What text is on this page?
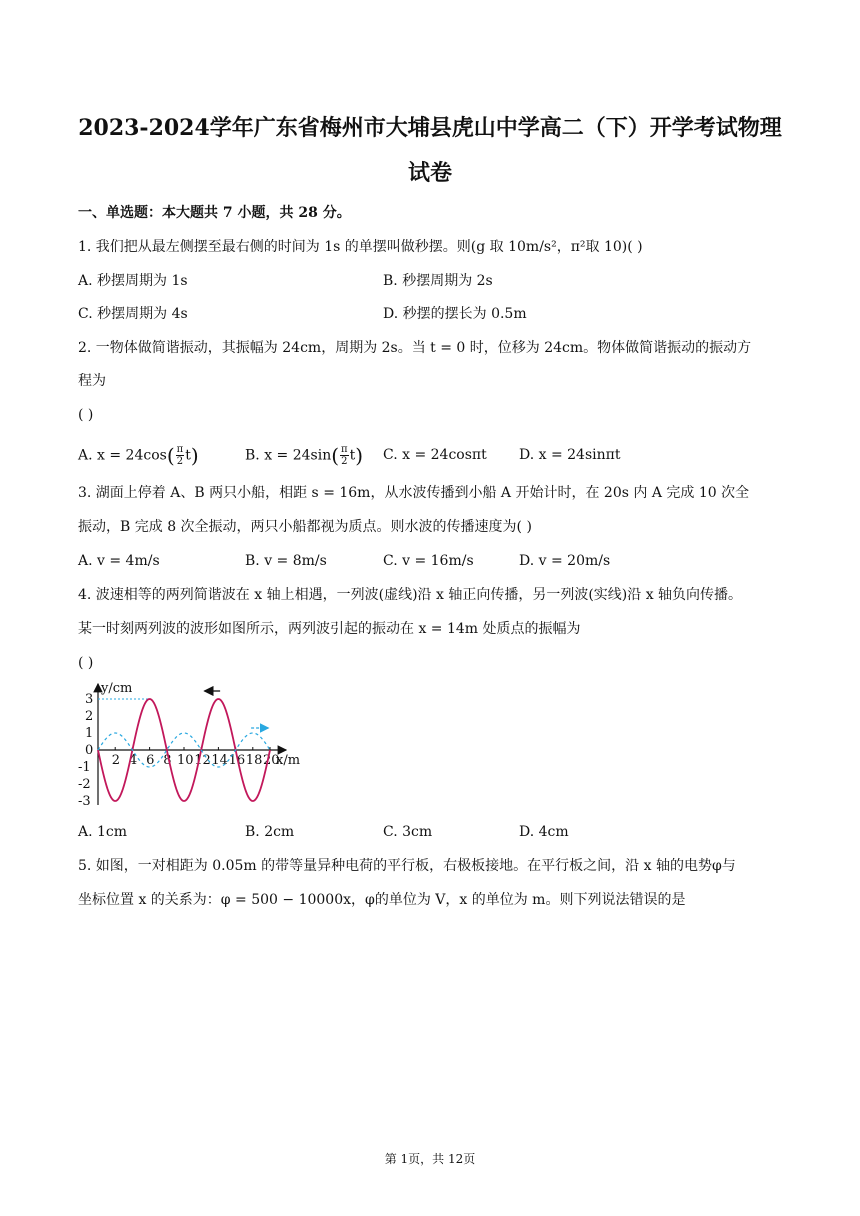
2023-2024学年广东省梅州市大埔县虎山中学高二（下）开学考试物理
试卷
一、单选题：本大题共 7 小题，共 28 分。
1. 我们把从最左侧摆至最右侧的时间为 1s 的单摆叫做秒摆。则(g 取 10m/s²，π²取 10)( )
A. 秒摆周期为 1s	B. 秒摆周期为 2s
C. 秒摆周期为 4s	D. 秒摆的摆长为 0.5m
2. 一物体做简谐振动，其振幅为 24cm，周期为 2s。当 t = 0 时，位移为 24cm。物体做简谐振动的振动方
程为
( )
A. $x = 24\cos( \frac{\pi}{2} t)$	B. $x = 24\sin( \frac{\pi}{2} t)$ C. x = 24cosπt D. x = 24sinπt
3. 湖面上停着 A、B 两只小船，相距 s = 16m，从水波传播到小船 A 开始计时，在 20s 内 A 完成 10 次全
振动，B 完成 8 次全振动，两只小船都视为质点。则水波的传播速度为( )
A. v = 4m/s	B. v = 8m/s	C. v = 16m/s	D. v = 20m/s
4. 波速相等的两列简谐波在 x 轴上相遇，一列波(虚线)沿 x 轴正向传播，另一列波(实线)沿 x 轴负向传播。
某一时刻两列波的波形如图所示，两列波引起的振动在 x = 14m 处质点的振幅为
( )
y/cm
x/m
2 4 6 8 10 12 14 16 18 20
3
2
1
0
-1
-2
-3
A. 1cm	B. 2cm	C. 3cm	D. 4cm
5. 如图，一对相距为 0.05m 的带等量异种电荷的平行板，右极板接地。在平行板之间，沿 x 轴的电势φ与
坐标位置 x 的关系为：φ = 500 − 10000x，φ的单位为 V，x 的单位为 m。则下列说法错误的是
第 1页，共 12页
